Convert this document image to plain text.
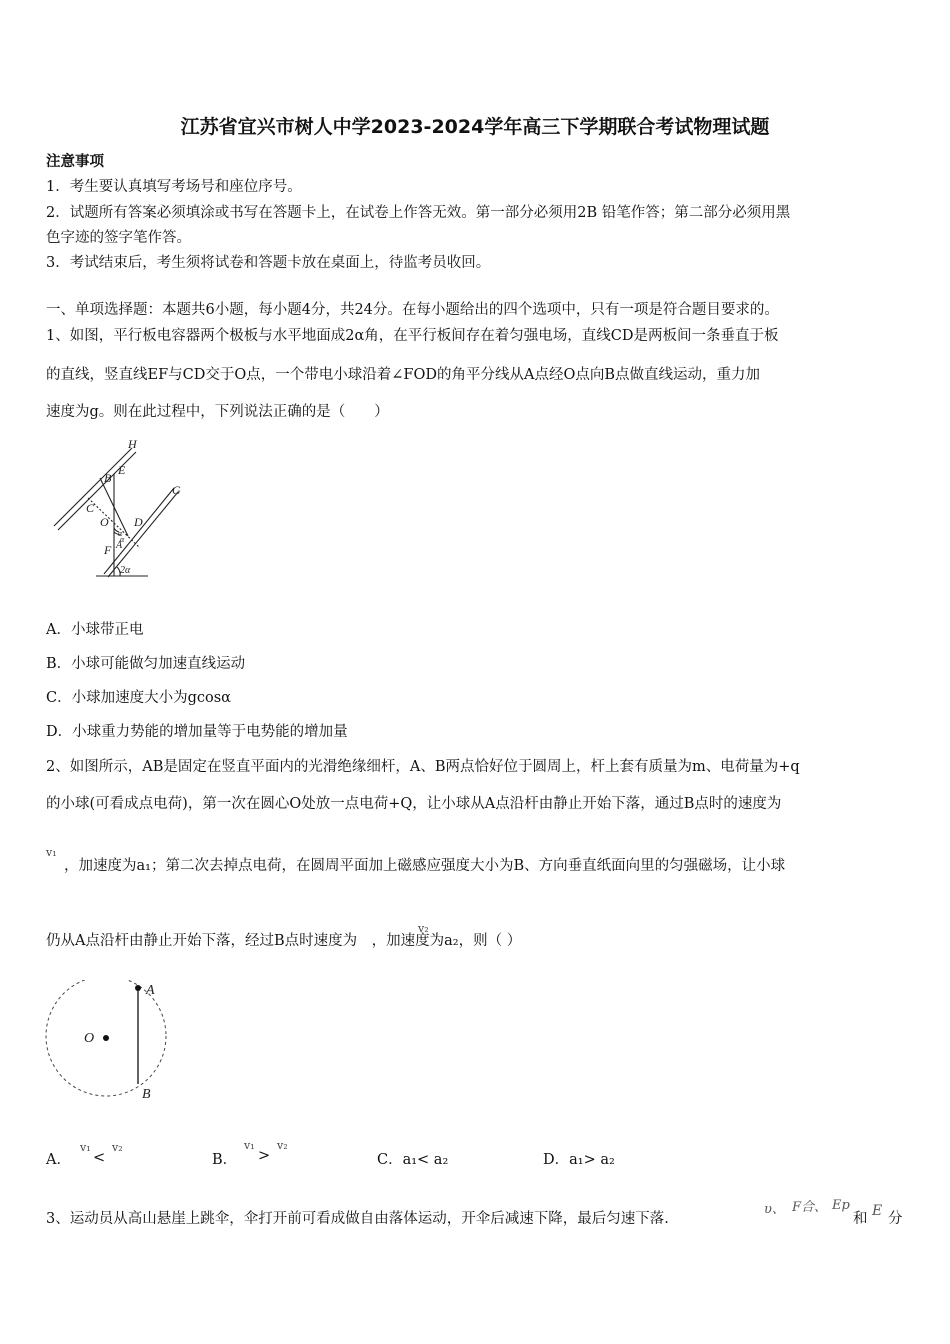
江苏省宜兴市树人中学2023-2024学年高三下学期联合考试物理试题
注意事项
1．考生要认真填写考场号和座位序号。
2．试题所有答案必须填涂或书写在答题卡上，在试卷上作答无效。第一部分必须用2B 铅笔作答；第二部分必须用黑
色字迹的签字笔作答。
3．考试结束后，考生须将试卷和答题卡放在桌面上，待监考员收回。
一、单项选择题：本题共6小题，每小题4分，共24分。在每小题给出的四个选项中，只有一项是符合题目要求的。
1、如图，平行板电容器两个极板与水平地面成2α角，在平行板间存在着匀强电场，直线CD是两板间一条垂直于板
的直线，竖直线EF与CD交于O点，一个带电小球沿着∠FOD的角平分线从A点经O点向B点做直线运动，重力加
速度为g。则在此过程中，下列说法正确的是（　　）
H
E
B
C
O D
G
A
F
2α
α
α
A．小球带正电
B．小球可能做匀加速直线运动
C．小球加速度大小为gcosα
D．小球重力势能的增加量等于电势能的增加量
2、如图所示，AB是固定在竖直平面内的光滑绝缘细杆，A、B两点恰好位于圆周上，杆上套有质量为m、电荷量为+q
的小球(可看成点电荷)，第一次在圆心O处放一点电荷+Q，让小球从A点沿杆由静止开始下落，通过B点时的速度为
v₁
，加速度为a₁；第二次去掉点电荷，在圆周平面加上磁感应强度大小为B、方向垂直纸面向里的匀强磁场，让小球
仍从A点沿杆由静止开始下落，经过B点时速度为　，加速度为a₂，则（ ）
v₂
A
O
B
A．
v₁
<
v₂
B．
v₁
>
v₂
C．a₁< a₂	D．a₁> a₂
3、运动员从高山悬崖上跳伞，伞打开前可看成做自由落体运动，开伞后减速下降，最后匀速下落.
υ、 F合、 Ep
和 E 分
